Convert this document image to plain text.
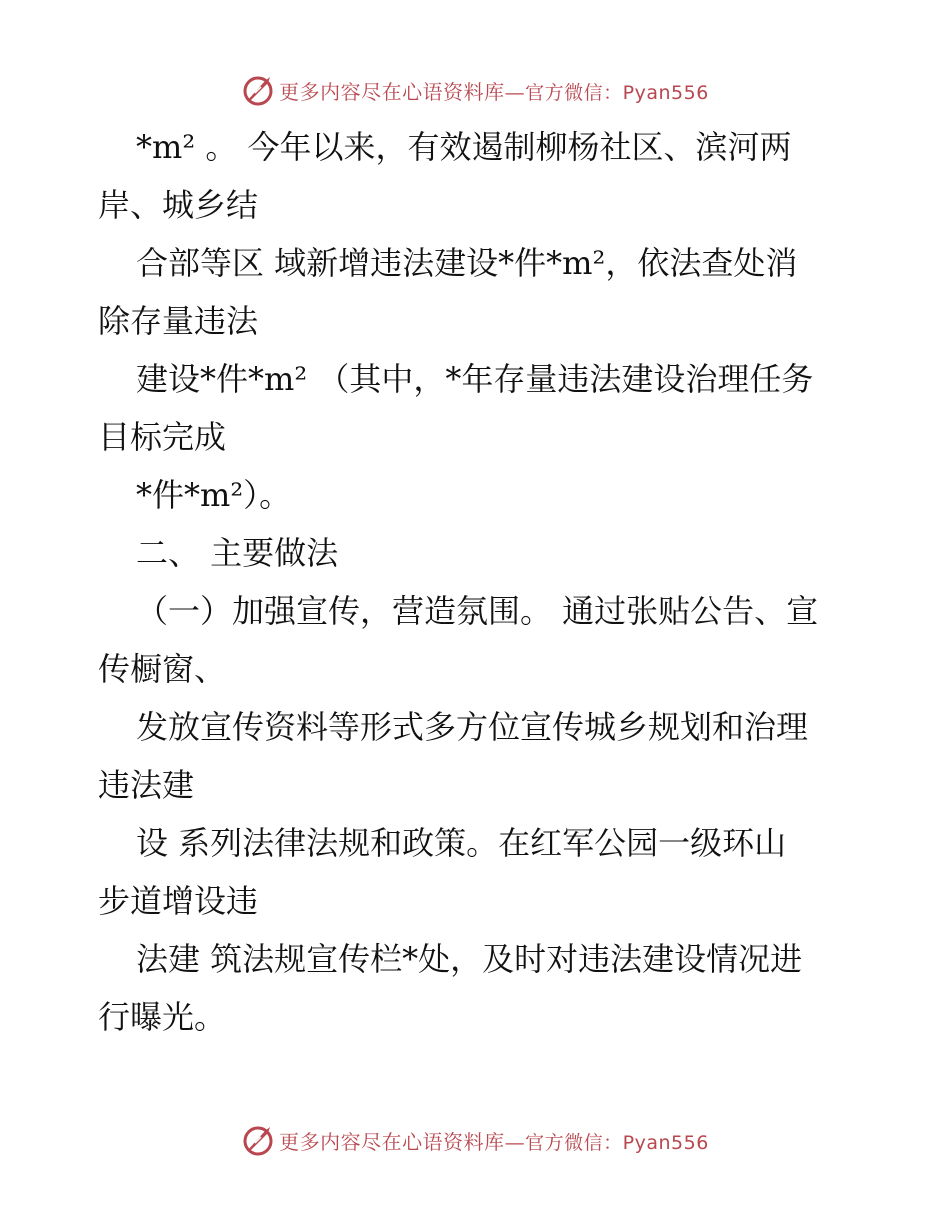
更多内容尽在心语资料库—官方微信：Pyan556
*m² 。 今年以来，有效遏制柳杨社区、滨河两
岸、城乡结
合部等区 域新增违法建设*件*m²，依法查处消
除存量违法
建设*件*m² （其中，*年存量违法建设治理任务
目标完成
*件*m²）。
二、 主要做法
（一）加强宣传，营造氛围。 通过张贴公告、宣
传橱窗、
发放宣传资料等形式多方位宣传城乡规划和治理
违法建
设 系列法律法规和政策。在红军公园一级环山
步道增设违
法建 筑法规宣传栏*处，及时对违法建设情况进
行曝光。
更多内容尽在心语资料库—官方微信：Pyan556
